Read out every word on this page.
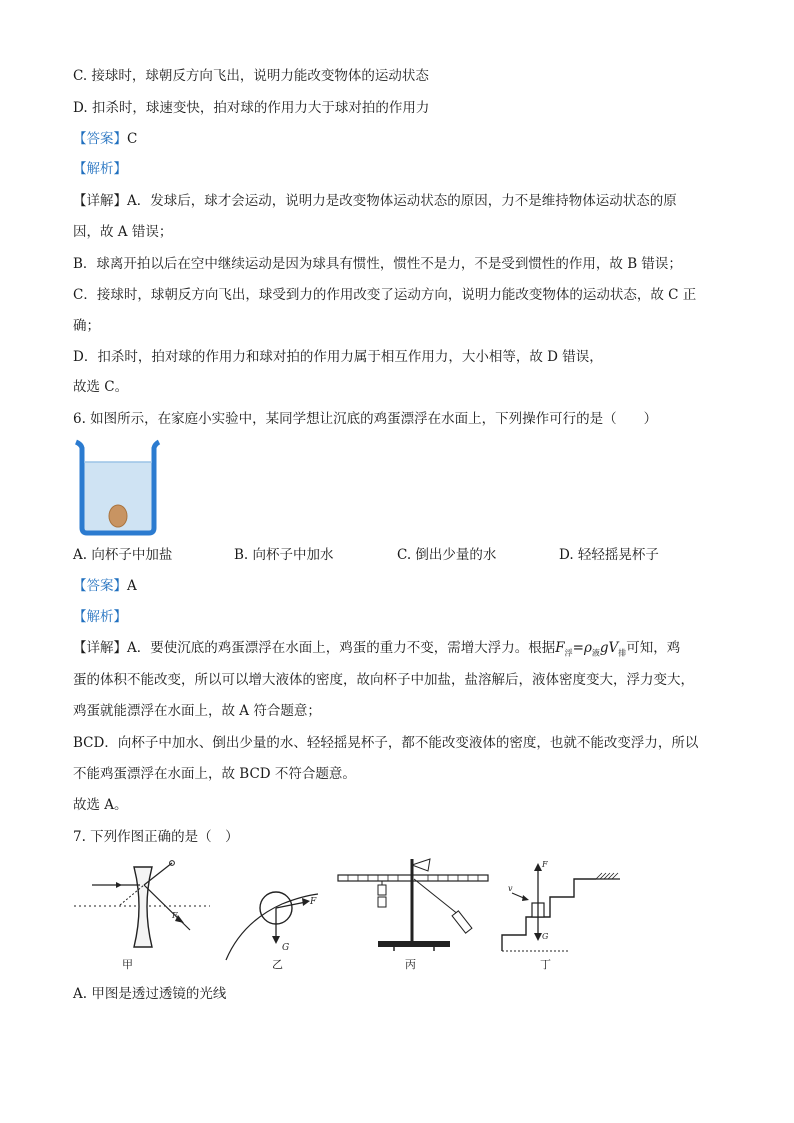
C. 接球时，球朝反方向飞出，说明力能改变物体的运动状态
D. 扣杀时，球速变快，拍对球的作用力大于球对拍的作用力
【答案】C
【解析】
【详解】A．发球后，球才会运动，说明力是改变物体运动状态的原因，力不是维持物体运动状态的原
因，故 A 错误；
B．球离开拍以后在空中继续运动是因为球具有惯性，惯性不是力，不是受到惯性的作用，故 B 错误；
C．接球时，球朝反方向飞出，球受到力的作用改变了运动方向，说明力能改变物体的运动状态，故 C 正
确；
D．扣杀时，拍对球的作用力和球对拍的作用力属于相互作用力，大小相等，故 D 错误，
故选 C。
6. 如图所示，在家庭小实验中，某同学想让沉底的鸡蛋漂浮在水面上，下列操作可行的是（　　）
A. 向杯子中加盐	B. 向杯子中加水	C. 倒出少量的水	D. 轻轻摇晃杯子
【答案】A
【解析】
【详解】A．要使沉底的鸡蛋漂浮在水面上，鸡蛋的重力不变，需增大浮力。根据$F_浮=\rho_液gV_排$可知，鸡
蛋的体积不能改变，所以可以增大液体的密度，故向杯子中加盐，盐溶解后，液体密度变大，浮力变大，
鸡蛋就能漂浮在水面上，故 A 符合题意；
BCD．向杯子中加水、倒出少量的水、轻轻摇晃杯子，都不能改变液体的密度，也就不能改变浮力，所以
不能鸡蛋漂浮在水面上，故 BCD 不符合题意。
故选 A。
7. 下列作图正确的是（　）
F
甲
F
G
乙	丙
F
G
v
丁
A. 甲图是透过透镜的光线
